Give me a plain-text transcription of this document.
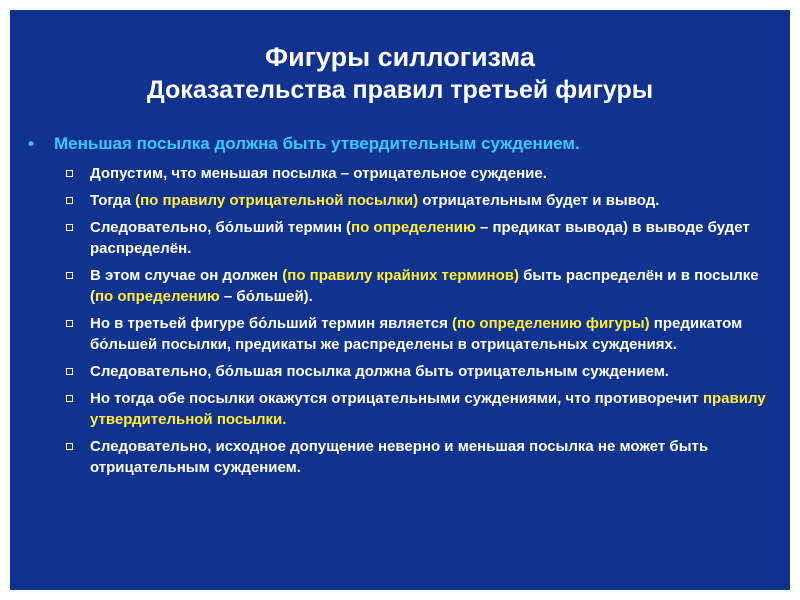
Фигуры силлогизма
Доказательства правил третьей фигуры
• Меньшая посылка должна быть утвердительным суждением.
Допустим, что меньшая посылка – отрицательное суждение.
Тогда (по правилу отрицательной посылки) отрицательным будет и вывод.
Следовательно, бо́льший термин (по определению – предикат вывода) в выводе будет распределён.
В этом случае он должен (по правилу крайних терминов) быть распределён и в посылке (по определению – бо́льшей).
Но в третьей фигуре бо́льший термин является (по определению фигуры) предикатом бо́льшей посылки, предикаты же распределены в отрицательных суждениях.
Следовательно, бо́льшая посылка должна быть отрицательным суждением.
Но тогда обе посылки окажутся отрицательными суждениями, что противоречит правилу утвердительной посылки.
Следовательно, исходное допущение неверно и меньшая посылка не может быть отрицательным суждением.
